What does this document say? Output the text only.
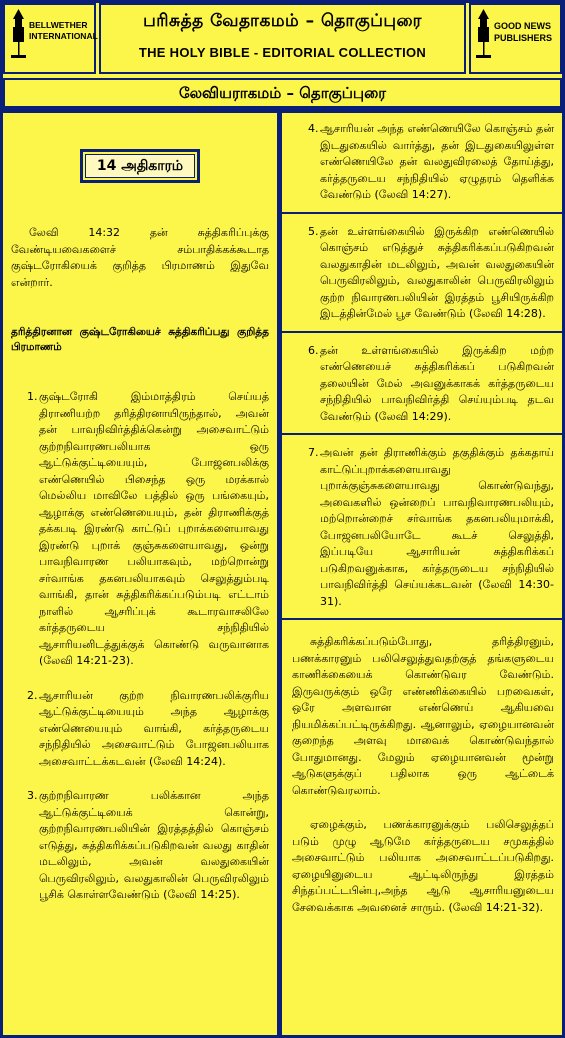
BELLWETHER
INTERNATIONAL
பரிசுத்த வேதாகமம் – தொகுப்புரை
THE HOLY BIBLE - EDITORIAL COLLECTION
GOOD NEWS
PUBLISHERS
லேவியராகமம் – தொகுப்புரை
14 அதிகாரம்

லேவி 14:32 தன் சுத்திகரிப்புக்கு வேண்டியவைகளைச் சம்பாதிக்கக்கூடாத குஷ்டரோகியைக் குறித்த பிரமாணம் இதுவே என்றார்.

தரித்திரனான குஷ்டரோகியைச் சுத்திகரிப்பது குறித்த பிரமாணம்
1. குஷ்டரோகி இம்மாத்திரம் செய்யத் திராணியற்ற தரித்திரனாயிருந்தால், அவன் தன் பாவநிவிர்த்திக்கென்று அசைவாட்டும் குற்றநிவாரணபலியாக ஒரு ஆட்டுக்குட்டியையும், போஜனபலிக்கு எண்ணெயில் பிசைந்த ஒரு மரக்கால் மெல்லிய மாவிலே பத்தில் ஒரு பங்கையும், ஆழாக்கு எண்ணெயையும், தன் திராணிக்குத் தக்கபடி இரண்டு காட்டுப் புறாக்களையாவது இரண்டு புறாக் குஞ்சுகளையாவது, ஒன்று பாவநிவாரண பலியாகவும், மற்றொன்று சர்வாங்க தகனபலியாகவும் செலுத்தும்படி வாங்கி, தான் சுத்திகரிக்கப்படும்படி எட்டாம் நாளில் ஆசரிப்புக் கூடாரவாசலிலே கர்த்தருடைய சந்நிதியில் ஆசாரியனிடத்துக்குக் கொண்டு வருவானாக (லேவி 14:21-23).
2. ஆசாரியன் குற்ற நிவாரணபலிக்குரிய ஆட்டுக்குட்டியையும் அந்த ஆழாக்கு எண்ணெயையும் வாங்கி, கர்த்தருடைய சந்நிதியில் அசைவாட்டும் போஜனபலியாக அசைவாட்டக்கடவன் (லேவி 14:24).
3. குற்றநிவாரண பலிக்கான அந்த ஆட்டுக்குட்டியைக் கொன்று, குற்றநிவாரணபலியின் இரத்தத்தில் கொஞ்சம் எடுத்து, சுத்திகரிக்கப்படுகிறவன் வலது காதின் மடலிலும், அவன் வலதுகையின் பெருவிரலிலும், வலதுகாலின் பெருவிரலிலும் பூசிக் கொள்ளவேண்டும் (லேவி 14:25).
4. ஆசாரியன் அந்த எண்ணெயிலே கொஞ்சம் தன் இடதுகையில் வார்த்து, தன் இடதுகையிலுள்ள எண்ணெயிலே தன் வலதுவிரலைத் தோய்த்து, கர்த்தருடைய சந்நிதியில் ஏழுதரம் தெளிக்க வேண்டும் (லேவி 14:27).
5. தன் உள்ளங்கையில் இருக்கிற எண்ணெயில் கொஞ்சம் எடுத்துச் சுத்திகரிக்கப்படுகிறவன் வலதுகாதின் மடலிலும், அவன் வலதுகையின் பெருவிரலிலும், வலதுகாலின் பெருவிரலிலும் குற்ற நிவாரணபலியின் இரத்தம் பூசியிருக்கிற இடத்தின்மேல் பூச வேண்டும் (லேவி 14:28).
6. தன் உள்ளங்கையில் இருக்கிற மற்ற எண்ணெயைச் சுத்திகரிக்கப் படுகிறவன் தலையின் மேல் அவனுக்காகக் கர்த்தருடைய சந்நிதியில் பாவநிவிர்த்தி செய்யும்படி தடவ வேண்டும் (லேவி 14:29).
7. அவன் தன் திராணிக்கும் தகுதிக்கும் தக்கதாய் காட்டுப்புறாக்களையாவது புறாக்குஞ்சுகளையாவது கொண்டுவந்து, அவைகளில் ஒன்றைப் பாவநிவாரணபலியும், மற்றொன்றைச் சர்வாங்க தகனபலியுமாக்கி, போஜனபலியோடே கூடச் செலுத்தி, இப்படியே ஆசாரியன் சுத்திகரிக்கப் படுகிறவனுக்காக, கர்த்தருடைய சந்நிதியில் பாவநிவிர்த்தி செய்யக்கடவன் (லேவி 14:30-31).
சுத்திகரிக்கப்படும்போது, தரித்திரனும், பணக்காரனும் பலிசெலுத்துவதற்குத் தங்களுடைய காணிக்கையைக் கொண்டுவர வேண்டும். இருவருக்கும் ஒரே எண்ணிக்கையில் பறவைகள், ஒரே அளவான எண்ணெய் ஆகியவை நியமிக்கப்பட்டிருக்கிறது. ஆனாலும், ஏழையானவன் குறைந்த அளவு மாவைக் கொண்டுவந்தால் போதுமானது. மேலும் ஏழையானவன் மூன்று ஆடுகளுக்குப் பதிலாக ஒரு ஆட்டைக் கொண்டுவரலாம்.
ஏழைக்கும், பணக்காரனுக்கும் பலிசெலுத்தப் படும் முழு ஆடுமே கர்த்தருடைய சமுகத்தில் அசைவாட்டும் பலியாக அசைவாட்டப்படுகிறது. ஏழையினுடைய ஆட்டிலிருந்து இரத்தம் சிந்தப்பட்டபின்பு,அந்த ஆடு ஆசாரியனுடைய சேவைக்காக அவனைச் சாரும். (லேவி 14:21-32).
